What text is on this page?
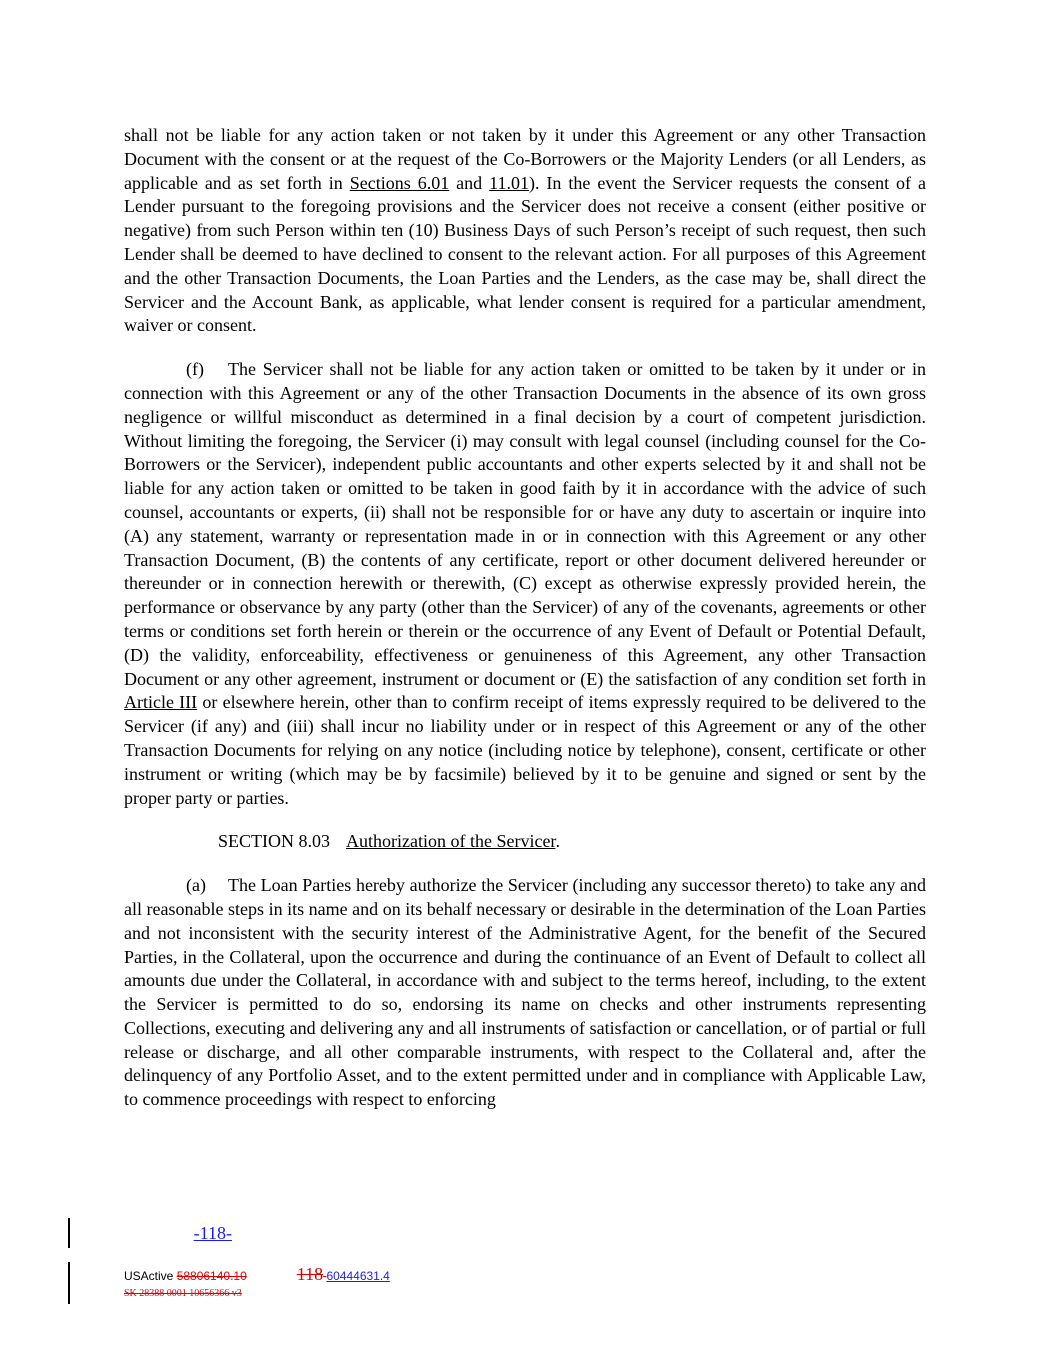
shall not be liable for any action taken or not taken by it under this Agreement or any other Transaction Document with the consent or at the request of the Co-Borrowers or the Majority Lenders (or all Lenders, as applicable and as set forth in Sections 6.01 and 11.01). In the event the Servicer requests the consent of a Lender pursuant to the foregoing provisions and the Servicer does not receive a consent (either positive or negative) from such Person within ten (10) Business Days of such Person’s receipt of such request, then such Lender shall be deemed to have declined to consent to the relevant action. For all purposes of this Agreement and the other Transaction Documents, the Loan Parties and the Lenders, as the case may be, shall direct the Servicer and the Account Bank, as applicable, what lender consent is required for a particular amendment, waiver or consent.

(f) The Servicer shall not be liable for any action taken or omitted to be taken by it under or in connection with this Agreement or any of the other Transaction Documents in the absence of its own gross negligence or willful misconduct as determined in a final decision by a court of competent jurisdiction. Without limiting the foregoing, the Servicer (i) may consult with legal counsel (including counsel for the Co-Borrowers or the Servicer), independent public accountants and other experts selected by it and shall not be liable for any action taken or omitted to be taken in good faith by it in accordance with the advice of such counsel, accountants or experts, (ii) shall not be responsible for or have any duty to ascertain or inquire into (A) any statement, warranty or representation made in or in connection with this Agreement or any other Transaction Document, (B) the contents of any certificate, report or other document delivered hereunder or thereunder or in connection herewith or therewith, (C) except as otherwise expressly provided herein, the performance or observance by any party (other than the Servicer) of any of the covenants, agreements or other terms or conditions set forth herein or therein or the occurrence of any Event of Default or Potential Default, (D) the validity, enforceability, effectiveness or genuineness of this Agreement, any other Transaction Document or any other agreement, instrument or document or (E) the satisfaction of any condition set forth in Article III or elsewhere herein, other than to confirm receipt of items expressly required to be delivered to the Servicer (if any) and (iii) shall incur no liability under or in respect of this Agreement or any of the other Transaction Documents for relying on any notice (including notice by telephone), consent, certificate or other instrument or writing (which may be by facsimile) believed by it to be genuine and signed or sent by the proper party or parties.

SECTION 8.03 Authorization of the Servicer.

(a) The Loan Parties hereby authorize the Servicer (including any successor thereto) to take any and all reasonable steps in its name and on its behalf necessary or desirable in the determination of the Loan Parties and not inconsistent with the security interest of the Administrative Agent, for the benefit of the Secured Parties, in the Collateral, upon the occurrence and during the continuance of an Event of Default to collect all amounts due under the Collateral, in accordance with and subject to the terms hereof, including, to the extent the Servicer is permitted to do so, endorsing its name on checks and other instruments representing Collections, executing and delivering any and all instruments of satisfaction or cancellation, or of partial or full release or discharge, and all other comparable instruments, with respect to the Collateral and, after the delinquency of any Portfolio Asset, and to the extent permitted under and in compliance with Applicable Law, to commence proceedings with respect to enforcing

-118-
USActive 58806140.10	118 60444631.4
SK 28388 0001 10656366 v3
